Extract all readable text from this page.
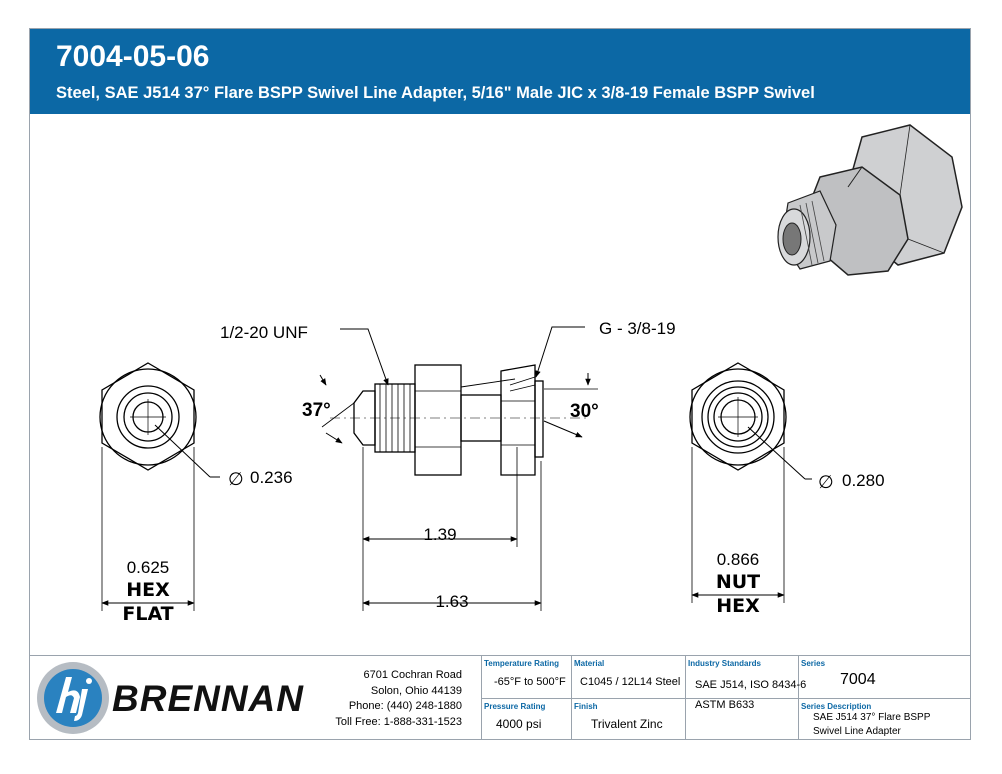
7004-05-06
Steel, SAE J514 37° Flare BSPP Swivel Line Adapter, 5/16" Male JIC x 3/8-19 Female BSPP Swivel
∅ 0.236
0.625
HEX
FLAT
1/2-20 UNF	G - 3/8-19
37°	30°
1.39
1.63
∅ 0.280
0.866
NUT
HEX
BRENNAN
6701 Cochran Road
Solon, Ohio 44139
Phone: (440) 248-1880
Toll Free: 1-888-331-1523
Temperature Rating
-65°F to 500°F
Pressure Rating
4000 psi
Material
C1045 / 12L14 Steel
Finish
Trivalent Zinc
Industry Standards
SAE J514, ISO 8434-6
ASTM B633
Series
7004
Series Description
SAE J514 37° Flare BSPP
Swivel Line Adapter
